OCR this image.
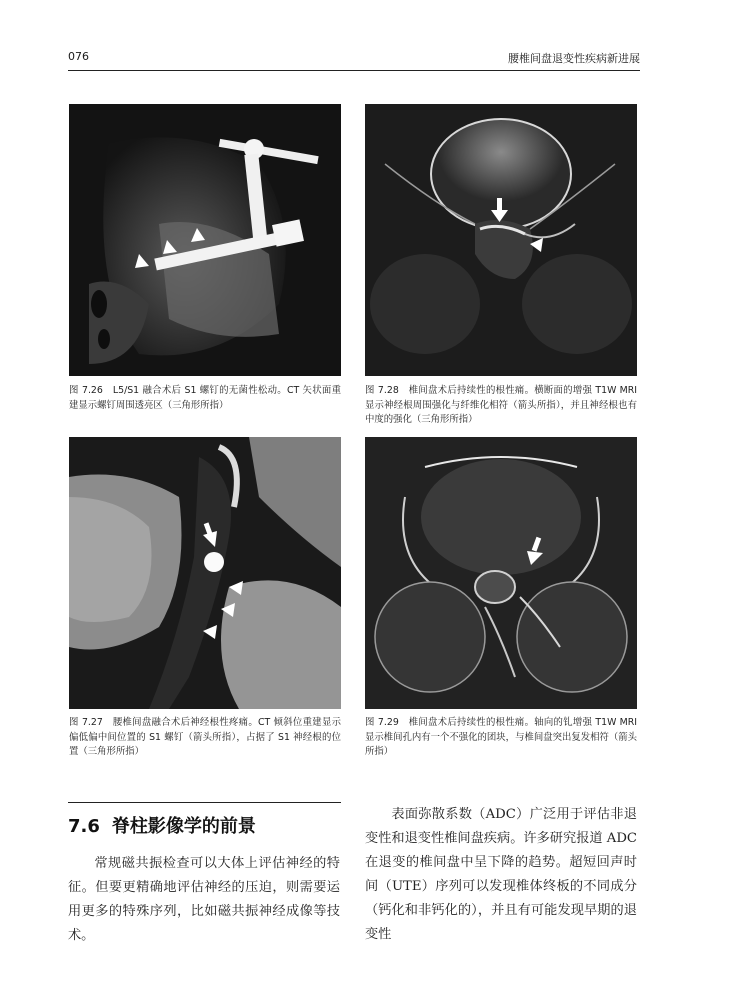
076	腰椎间盘退变性疾病新进展
图 7.26　L5/S1 融合术后 S1 螺钉的无菌性松动。CT 矢状面重建显示螺钉周围透亮区（三角形所指）
图 7.28　椎间盘术后持续性的根性痛。横断面的增强 T1W MRI 显示神经根周围强化与纤维化相符（箭头所指），并且神经根也有中度的强化（三角形所指）
图 7.27　腰椎间盘融合术后神经根性疼痛。CT 倾斜位重建显示偏低偏中间位置的 S1 螺钉（箭头所指），占据了 S1 神经根的位置（三角形所指）
图 7.29　椎间盘术后持续性的根性痛。轴向的钆增强 T1W MRI 显示椎间孔内有一个不强化的团块，与椎间盘突出复发相符（箭头所指）
7.6 脊柱影像学的前景

常规磁共振检查可以大体上评估神经的特征。但要更精确地评估神经的压迫，则需要运用更多的特殊序列，比如磁共振神经成像等技术。

表面弥散系数（ADC）广泛用于评估非退变性和退变性椎间盘疾病。许多研究报道 ADC 在退变的椎间盘中呈下降的趋势。超短回声时间（UTE）序列可以发现椎体终板的不同成分（钙化和非钙化的），并且有可能发现早期的退变性
